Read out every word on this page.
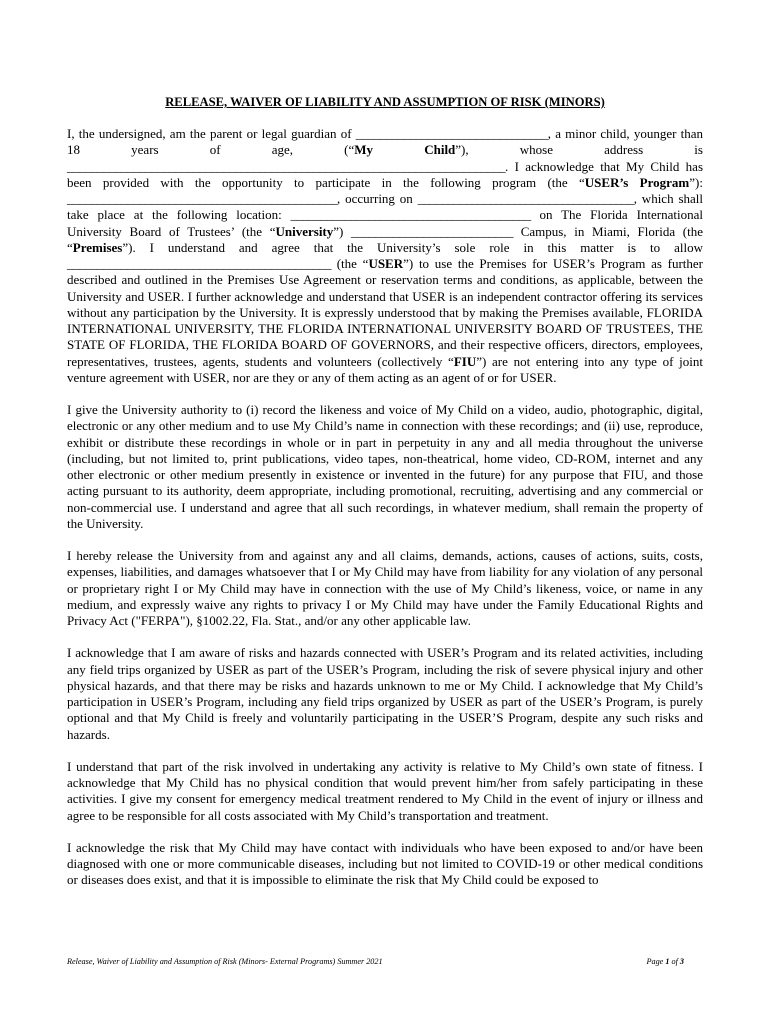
RELEASE, WAIVER OF LIABILITY AND ASSUMPTION OF RISK (MINORS)

I, the undersigned, am the parent or legal guardian of ________________________________, a minor child, younger than 18 years of age, (“My Child”), whose address is _________________________________________________________________________. I acknowledge that My Child has been provided with the opportunity to participate in the following program (the “USER’s Program”): _____________________________________________, occurring on ____________________________________, which shall take place at the following location: ________________________________________ on The Florida International University Board of Trustees’ (the “University”) ___________________________ Campus, in Miami, Florida (the “Premises”). I understand and agree that the University’s sole role in this matter is to allow ____________________________________________ (the “USER”) to use the Premises for USER’s Program as further described and outlined in the Premises Use Agreement or reservation terms and conditions, as applicable, between the University and USER. I further acknowledge and understand that USER is an independent contractor offering its services without any participation by the University. It is expressly understood that by making the Premises available, FLORIDA INTERNATIONAL UNIVERSITY, THE FLORIDA INTERNATIONAL UNIVERSITY BOARD OF TRUSTEES, THE STATE OF FLORIDA, THE FLORIDA BOARD OF GOVERNORS, and their respective officers, directors, employees, representatives, trustees, agents, students and volunteers (collectively “FIU”) are not entering into any type of joint venture agreement with USER, nor are they or any of them acting as an agent of or for USER.

I give the University authority to (i) record the likeness and voice of My Child on a video, audio, photographic, digital, electronic or any other medium and to use My Child’s name in connection with these recordings; and (ii) use, reproduce, exhibit or distribute these recordings in whole or in part in perpetuity in any and all media throughout the universe (including, but not limited to, print publications, video tapes, non-theatrical, home video, CD-ROM, internet and any other electronic or other medium presently in existence or invented in the future) for any purpose that FIU, and those acting pursuant to its authority, deem appropriate, including promotional, recruiting, advertising and any commercial or non-commercial use. I understand and agree that all such recordings, in whatever medium, shall remain the property of the University.

I hereby release the University from and against any and all claims, demands, actions, causes of actions, suits, costs, expenses, liabilities, and damages whatsoever that I or My Child may have from liability for any violation of any personal or proprietary right I or My Child may have in connection with the use of My Child’s likeness, voice, or name in any medium, and expressly waive any rights to privacy I or My Child may have under the Family Educational Rights and Privacy Act ("FERPA"), §1002.22, Fla. Stat., and/or any other applicable law.

I acknowledge that I am aware of risks and hazards connected with USER’s Program and its related activities, including any field trips organized by USER as part of the USER’s Program, including the risk of severe physical injury and other physical hazards, and that there may be risks and hazards unknown to me or My Child. I acknowledge that My Child’s participation in USER’s Program, including any field trips organized by USER as part of the USER’s Program, is purely optional and that My Child is freely and voluntarily participating in the USER’S Program, despite any such risks and hazards.

I understand that part of the risk involved in undertaking any activity is relative to My Child’s own state of fitness. I acknowledge that My Child has no physical condition that would prevent him/her from safely participating in these activities. I give my consent for emergency medical treatment rendered to My Child in the event of injury or illness and agree to be responsible for all costs associated with My Child’s transportation and treatment.

I acknowledge the risk that My Child may have contact with individuals who have been exposed to and/or have been diagnosed with one or more communicable diseases, including but not limited to COVID-19 or other medical conditions or diseases does exist, and that it is impossible to eliminate the risk that My Child could be exposed to

Release, Waiver of Liability and Assumption of Risk (Minors- External Programs) Summer 2021	Page 1 of 3
